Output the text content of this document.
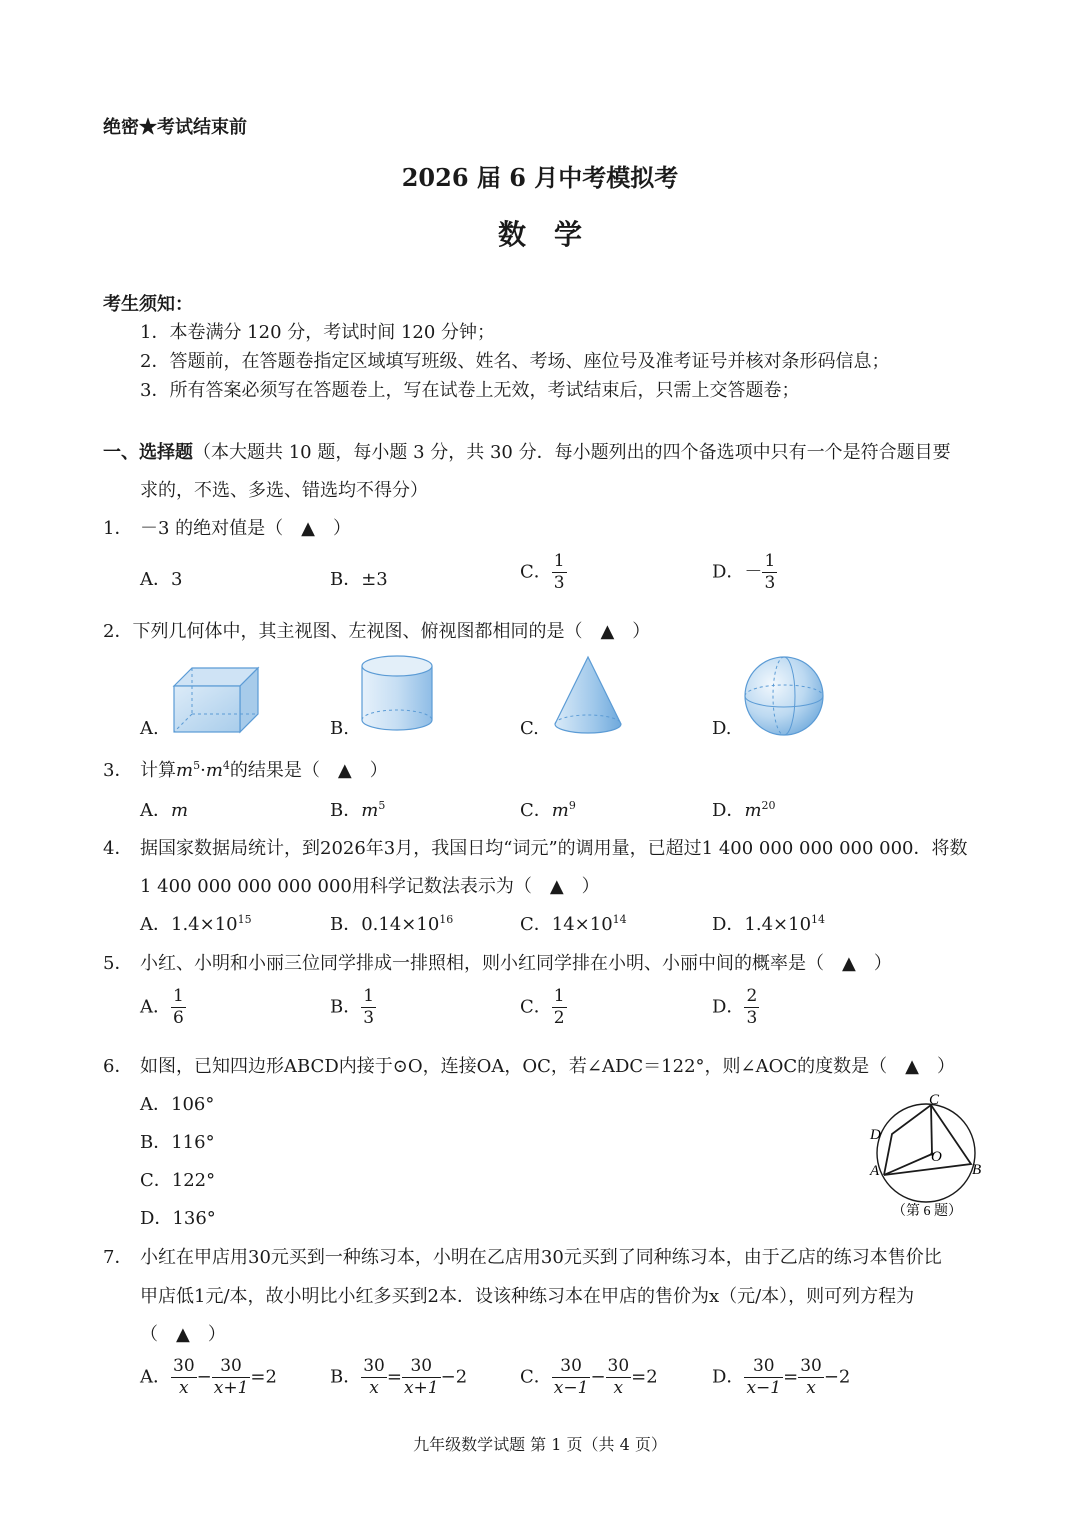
绝密★考试结束前
2026 届 6 月中考模拟考
数　学
考生须知：
1．本卷满分 120 分，考试时间 120 分钟；
2．答题前，在答题卷指定区域填写班级、姓名、考场、座位号及准考证号并核对条形码信息；
3．所有答案必须写在答题卷上，写在试卷上无效，考试结束后，只需上交答题卷；
一、选择题（本大题共 10 题，每小题 3 分，共 30 分．每小题列出的四个备选项中只有一个是符合题目要
求的，不选、多选、错选均不得分）
1． －3 的绝对值是（　▲　）
A．3	B．±3	C． $\frac{1}{3}$	D．－ $\frac{1}{3}$
2．下列几何体中，其主视图、左视图、俯视图都相同的是（　▲　）
A.	B.	C.	D.
3． 计算$m^5\cdot m^4$的结果是（　▲　）
A．m	B．$m^5$	C．$m^9$	D．$m^{20}$
4． 据国家数据局统计，到2026年3月，我国日均“词元”的调用量，已超过1 400 000 000 000 000．将数
1 400 000 000 000 000用科学记数法表示为（　▲　）
A．$1.4\times 10^{15}$	B．$0.14\times 10^{16}$	C．$14\times 10^{14}$	D．$1.4\times 10^{14}$
5． 小红、小明和小丽三位同学排成一排照相，则小红同学排在小明、小丽中间的概率是（　▲　）
A． $\frac{1}{6}$	B． $\frac{1}{3}$	C． $\frac{1}{2}$	D． $\frac{2}{3}$
6． 如图，已知四边形ABCD内接于⊙O，连接OA，OC，若∠ADC＝122°，则∠AOC的度数是（　▲　）
A．106°
B．116°
C．122°
D．136°
C
D
A
O
B
（第 6 题）
7． 小红在甲店用30元买到一种练习本，小明在乙店用30元买到了同种练习本，由于乙店的练习本售价比
甲店低1元/本，故小明比小红多买到2本．设该种练习本在甲店的售价为x（元/本），则可列方程为
（　▲　）
A． $\frac{30}{x} - \frac{30}{x+1} =2$	B． $\frac{30}{x} = \frac{30}{x+1} -2$	C． $\frac{30}{x-1} - \frac{30}{x} =2$	D． $\frac{30}{x-1} = \frac{30}{x} -2$
九年级数学试题 第 1 页（共 4 页）
